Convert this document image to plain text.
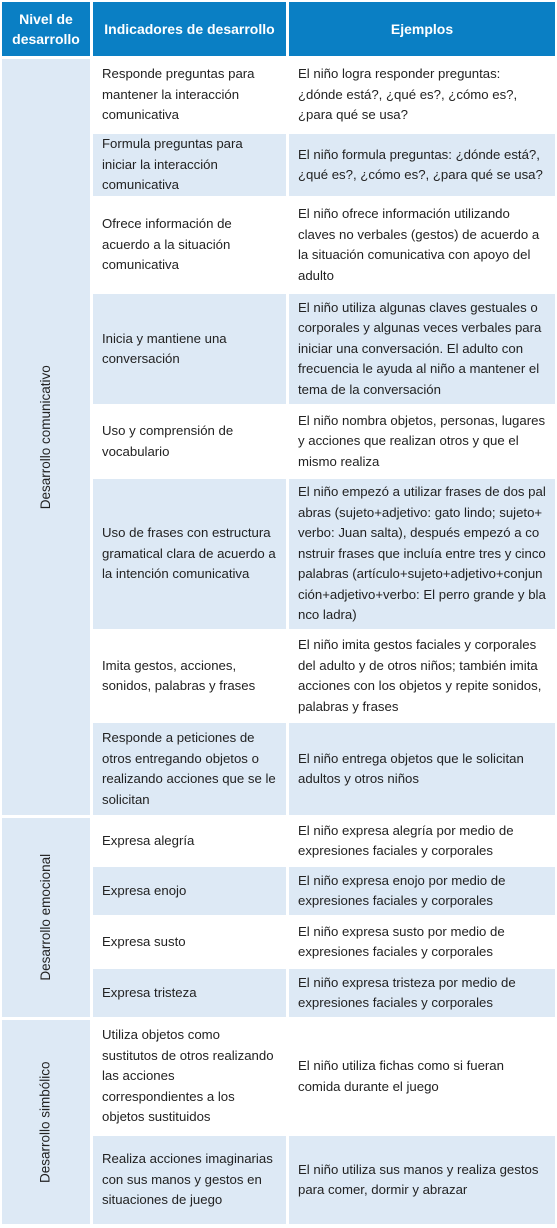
Nivel de desarrollo
Indicadores de desarrollo	Ejemplos
Desarrollo comunicativo
Responde preguntas para mantener la interacción comunicativa
El niño logra responder preguntas: ¿dónde está?, ¿qué es?, ¿cómo es?, ¿para qué se usa?
Formula preguntas para iniciar la interacción comunicativa
El niño formula preguntas: ¿dónde está?, ¿qué es?, ¿cómo es?, ¿para qué se usa?
Ofrece información de acuerdo a la situación comunicativa
El niño ofrece información utilizando claves no verbales (gestos) de acuerdo a la situación comunicativa con apoyo del adulto
Inicia y mantiene una conversación
El niño utiliza algunas claves gestuales o corporales y algunas veces verbales para iniciar una conversación. El adulto con frecuencia le ayuda al niño a mantener el tema de la conversación
Uso y comprensión de vocabulario
El niño nombra objetos, personas, lugares y acciones que realizan otros y que el mismo realiza
Uso de frases con estructura gramatical clara de acuerdo a la intención comunicativa
El niño empezó a utilizar frases de dos palabras (sujeto+adjetivo: gato lindo; sujeto+verbo: Juan salta), después empezó a construir frases que incluía entre tres y cinco palabras (artículo+sujeto+adjetivo+conjunción+adjetivo+verbo: El perro grande y blanco ladra)
Imita gestos, acciones, sonidos, palabras y frases
El niño imita gestos faciales y corporales del adulto y de otros niños; también imita acciones con los objetos y repite sonidos, palabras y frases
Responde a peticiones de otros entregando objetos o realizando acciones que se le solicitan
El niño entrega objetos que le solicitan adultos y otros niños
Desarrollo emocional
Expresa alegría
El niño expresa alegría por medio de expresiones faciales y corporales
Expresa enojo
El niño expresa enojo por medio de expresiones faciales y corporales
Expresa susto
El niño expresa susto por medio de expresiones faciales y corporales
Expresa tristeza
El niño expresa tristeza por medio de expresiones faciales y corporales
Desarrollo simbólico
Utiliza objetos como sustitutos de otros realizando las acciones correspondientes a los objetos sustituidos
El niño utiliza fichas como si fueran comida durante el juego
Realiza acciones imaginarias con sus manos y gestos en situaciones de juego
El niño utiliza sus manos y realiza gestos para comer, dormir y abrazar
